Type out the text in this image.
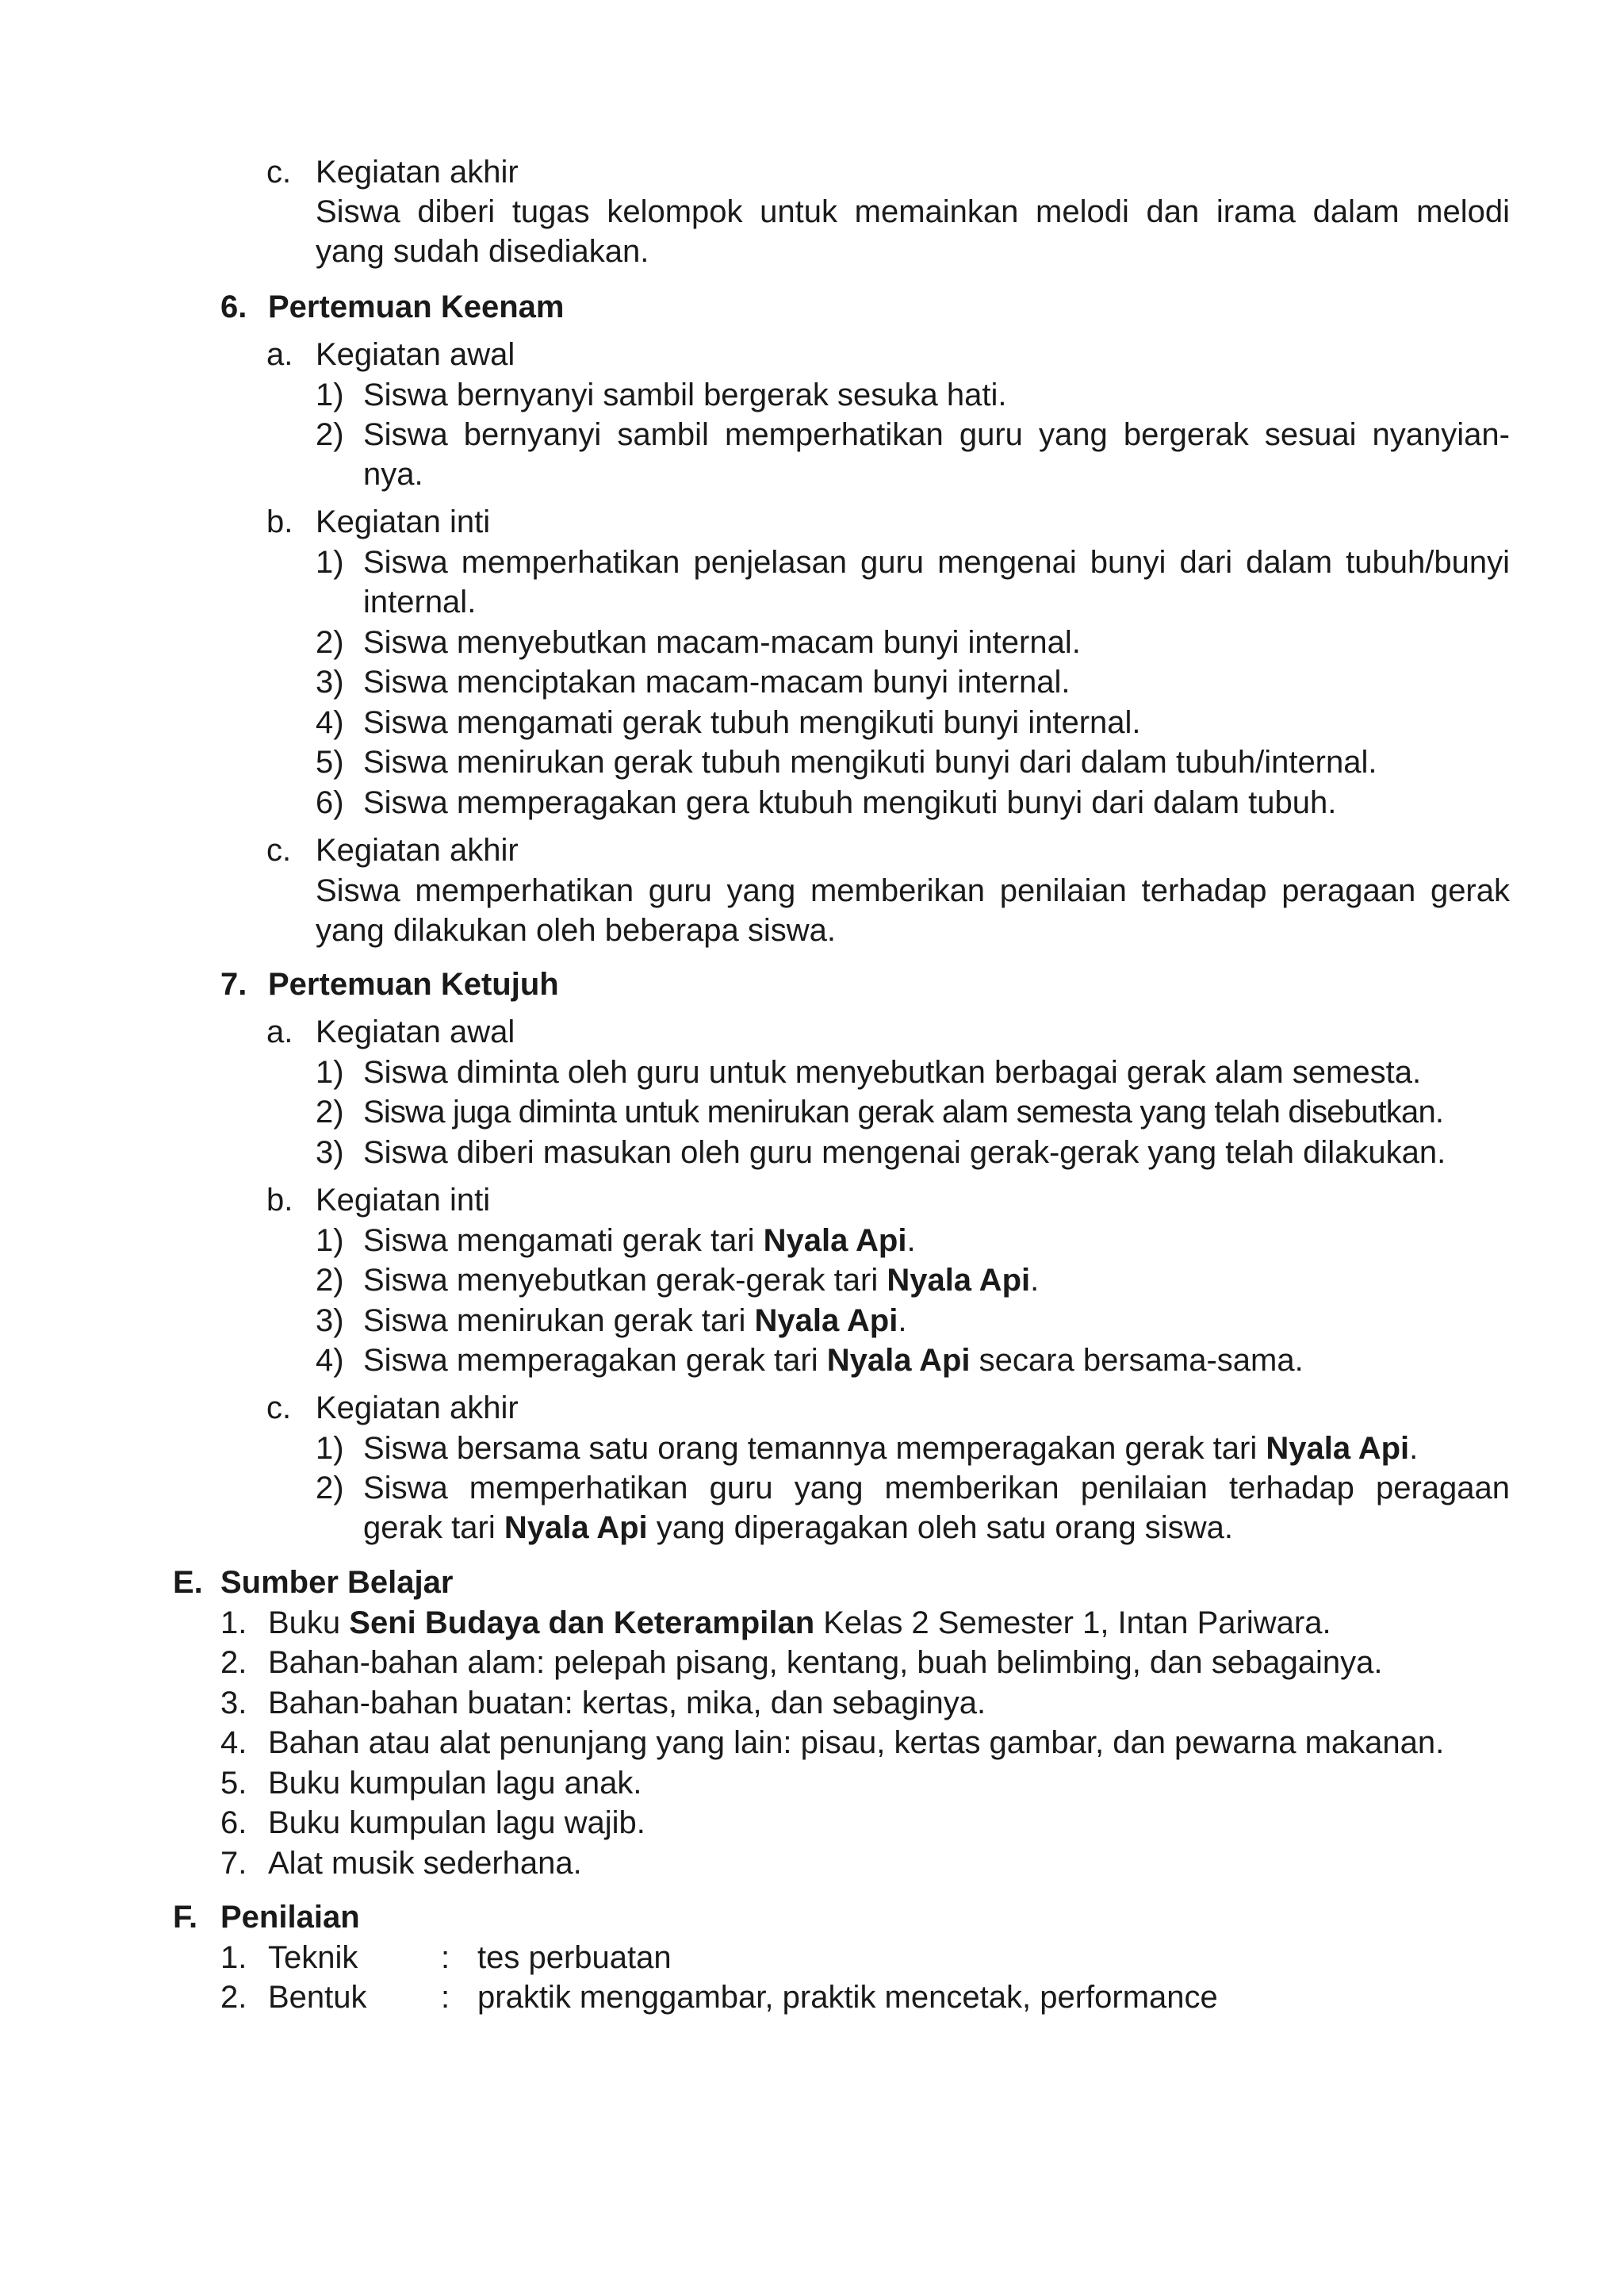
c. Kegiatan akhir
Siswa diberi tugas kelompok untuk memainkan melodi dan irama dalam melodi
yang sudah disediakan.
6. Pertemuan Keenam
a. Kegiatan awal
1) Siswa bernyanyi sambil bergerak sesuka hati.
2) Siswa bernyanyi sambil memperhatikan guru yang bergerak sesuai nyanyian-
nya.
b. Kegiatan inti
1) Siswa memperhatikan penjelasan guru mengenai bunyi dari dalam tubuh/bunyi
internal.
2) Siswa menyebutkan macam-macam bunyi internal.
3) Siswa menciptakan macam-macam bunyi internal.
4) Siswa mengamati gerak tubuh mengikuti bunyi internal.
5) Siswa menirukan gerak tubuh mengikuti bunyi dari dalam tubuh/internal.
6) Siswa memperagakan gera ktubuh mengikuti bunyi dari dalam tubuh.
c. Kegiatan akhir
Siswa memperhatikan guru yang memberikan penilaian terhadap peragaan gerak
yang dilakukan oleh beberapa siswa.
7. Pertemuan Ketujuh
a. Kegiatan awal
1) Siswa diminta oleh guru untuk menyebutkan berbagai gerak alam semesta.
2) Siswa juga diminta untuk menirukan gerak alam semesta yang telah disebutkan.
3) Siswa diberi masukan oleh guru mengenai gerak-gerak yang telah dilakukan.
b. Kegiatan inti
1) Siswa mengamati gerak tari Nyala Api.
2) Siswa menyebutkan gerak-gerak tari Nyala Api.
3) Siswa menirukan gerak tari Nyala Api.
4) Siswa memperagakan gerak tari Nyala Api secara bersama-sama.
c. Kegiatan akhir
1) Siswa bersama satu orang temannya memperagakan gerak tari Nyala Api.
2) Siswa memperhatikan guru yang memberikan penilaian terhadap peragaan
gerak tari Nyala Api yang diperagakan oleh satu orang siswa.
E. Sumber Belajar
1. Buku Seni Budaya dan Keterampilan Kelas 2 Semester 1, Intan Pariwara.
2. Bahan-bahan alam: pelepah pisang, kentang, buah belimbing, dan sebagainya.
3. Bahan-bahan buatan: kertas, mika, dan sebaginya.
4. Bahan atau alat penunjang yang lain: pisau, kertas gambar, dan pewarna makanan.
5. Buku kumpulan lagu anak.
6. Buku kumpulan lagu wajib.
7. Alat musik sederhana.
F. Penilaian
1. Teknik	: tes perbuatan
2. Bentuk : praktik menggambar, praktik mencetak, performance
